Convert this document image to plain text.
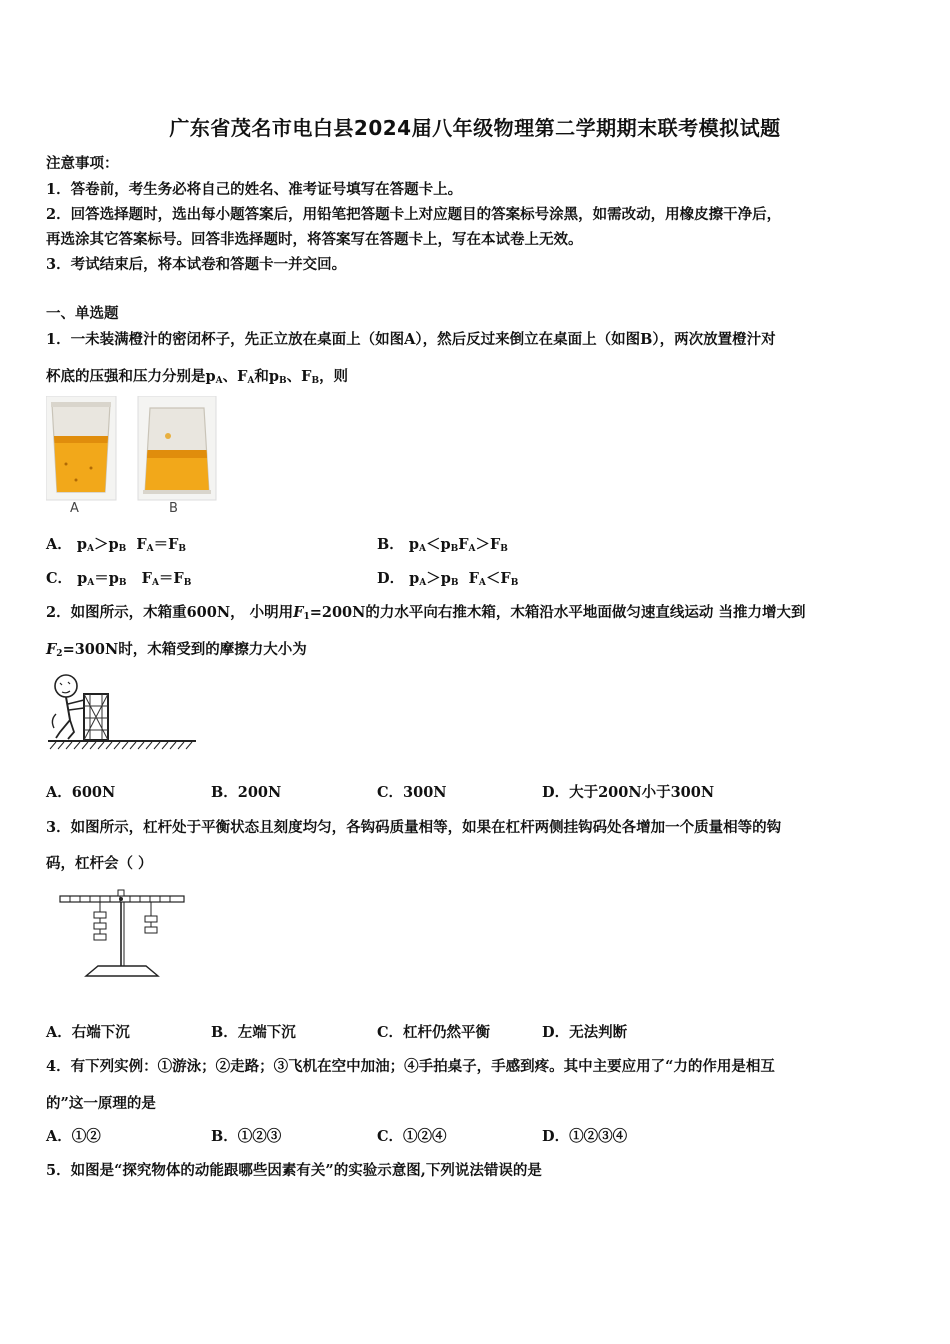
广东省茂名市电白县2024届八年级物理第二学期期末联考模拟试题
注意事项：
1．答卷前，考生务必将自己的姓名、准考证号填写在答题卡上。
2．回答选择题时，选出每小题答案后，用铅笔把答题卡上对应题目的答案标号涂黑，如需改动，用橡皮擦干净后，
再选涂其它答案标号。回答非选择题时，将答案写在答题卡上，写在本试卷上无效。
3．考试结束后，将本试卷和答题卡一并交回。
一、单选题
1．一未装满橙汁的密闭杯子，先正立放在桌面上（如图A），然后反过来倒立在桌面上（如图B），两次放置橙汁对
杯底的压强和压力分别是$p_A$、$F_A$和$p_B$、$F_B$，则
A	B
A． $p_A>p_B$ $F_A=F_B$	B． $p_A<p_BF_A>F_B$
C． $p_A=p_B$ $F_A=F_B$	D． $p_A>p_B$ $F_A<F_B$
2．如图所示，木箱重600N， 小明用$F_1=200N$的力水平向右推木箱，木箱沿水平地面做匀速直线运动 当推力增大到
$F_2=300N$时，木箱受到的摩擦力大小为
A．600N	B．200N	C．300N	D．大于200N小于300N
3．如图所示，杠杆处于平衡状态且刻度均匀，各钩码质量相等，如果在杠杆两侧挂钩码处各增加一个质量相等的钩
码，杠杆会（ ）
A．右端下沉	B．左端下沉	C．杠杆仍然平衡	D．无法判断
4．有下列实例：①游泳；②走路；③飞机在空中加油；④手拍桌子，手感到疼。其中主要应用了“力的作用是相互
的”这一原理的是
A．①②	B．①②③	C．①②④	D．①②③④
5．如图是“探究物体的动能跟哪些因素有关”的实验示意图,下列说法错误的是
